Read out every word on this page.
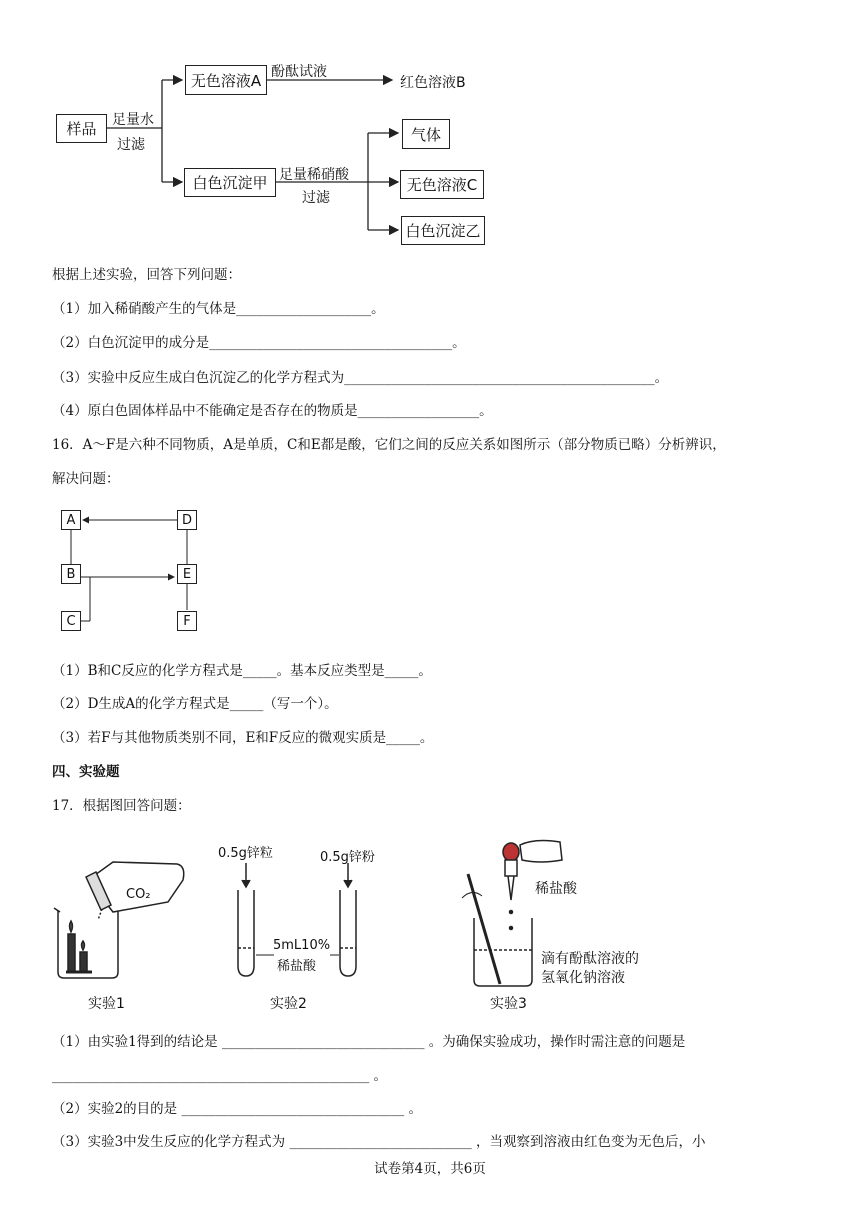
样品	足量水
过滤
无色溶液A 酚酞试液
红色溶液B
白色沉淀甲 足量稀硝酸
过滤
气体
无色溶液C
白色沉淀乙
根据上述实验，回答下列问题：
（1）加入稀硝酸产生的气体是____________________。
（2）白色沉淀甲的成分是____________________________________。
（3）实验中反应生成白色沉淀乙的化学方程式为______________________________________________。
（4）原白色固体样品中不能确定是否存在的物质是__________________。
16．A～F是六种不同物质，A是单质，C和E都是酸，它们之间的反应关系如图所示（部分物质已略）分析辨识，
解决问题：
A	D
B	E
C	F
（1）B和C反应的化学方程式是_____。基本反应类型是_____。
（2）D生成A的化学方程式是_____（写一个）。
（3）若F与其他物质类别不同，E和F反应的微观实质是_____。
四、实验题
17．根据图回答问题：
CO₂
实验1
0.5g锌粒	0.5g锌粉
5mL10%
稀盐酸
实验2
稀盐酸
滴有酚酞溶液的
氢氧化钠溶液
实验3
（1）由实验1得到的结论是 ______________________________ 。为确保实验成功，操作时需注意的问题是
_______________________________________________ 。
（2）实验2的目的是 _________________________________ 。
（3）实验3中发生反应的化学方程式为 ___________________________ ，当观察到溶液由红色变为无色后，小
试卷第4页，共6页
